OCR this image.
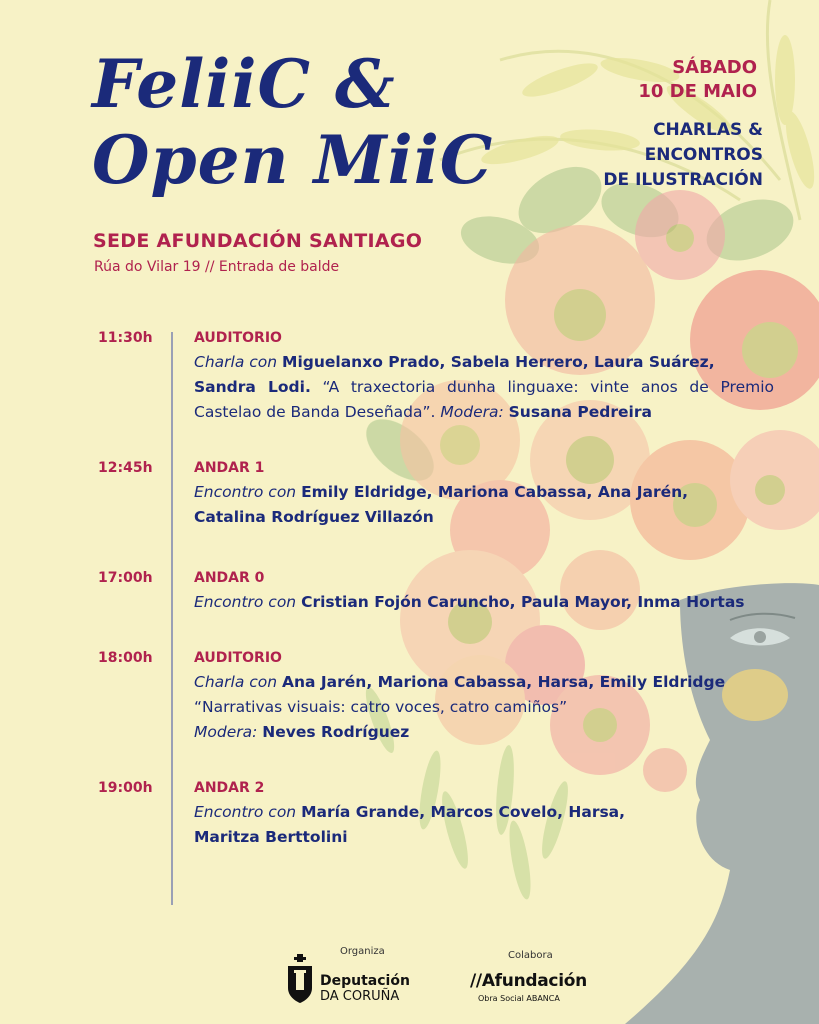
FeliiC &
Open MiiC
SEDE AFUNDACIÓN SANTIAGO
Rúa do Vilar 19 // Entrada de balde
SÁBADO
10 DE MAIO
CHARLAS &
ENCONTROS
DE ILUSTRACIÓN
11:30h	AUDITORIO
Charla con Miguelanxo Prado, Sabela Herrero, Laura Suárez,
Sandra Lodi. “A traxectoria dunha linguaxe: vinte anos de Premio Castelao de Banda Deseñada”. Modera: Susana Pedreira
12:45h	ANDAR 1
Encontro con Emily Eldridge, Mariona Cabassa, Ana Jarén,
Catalina Rodríguez Villazón
17:00h	ANDAR 0
Encontro con Cristian Fojón Caruncho, Paula Mayor, Inma Hortas
18:00h	AUDITORIO
Charla con Ana Jarén, Mariona Cabassa, Harsa, Emily Eldridge
“Narrativas visuais: catro voces, catro camiños”
Modera: Neves Rodríguez
19:00h	ANDAR 2
Encontro con María Grande, Marcos Covelo, Harsa,
Maritza Berttolini
Organiza
Deputación
DA CORUÑA
Colabora
//Afundación
Obra Social ABANCA
